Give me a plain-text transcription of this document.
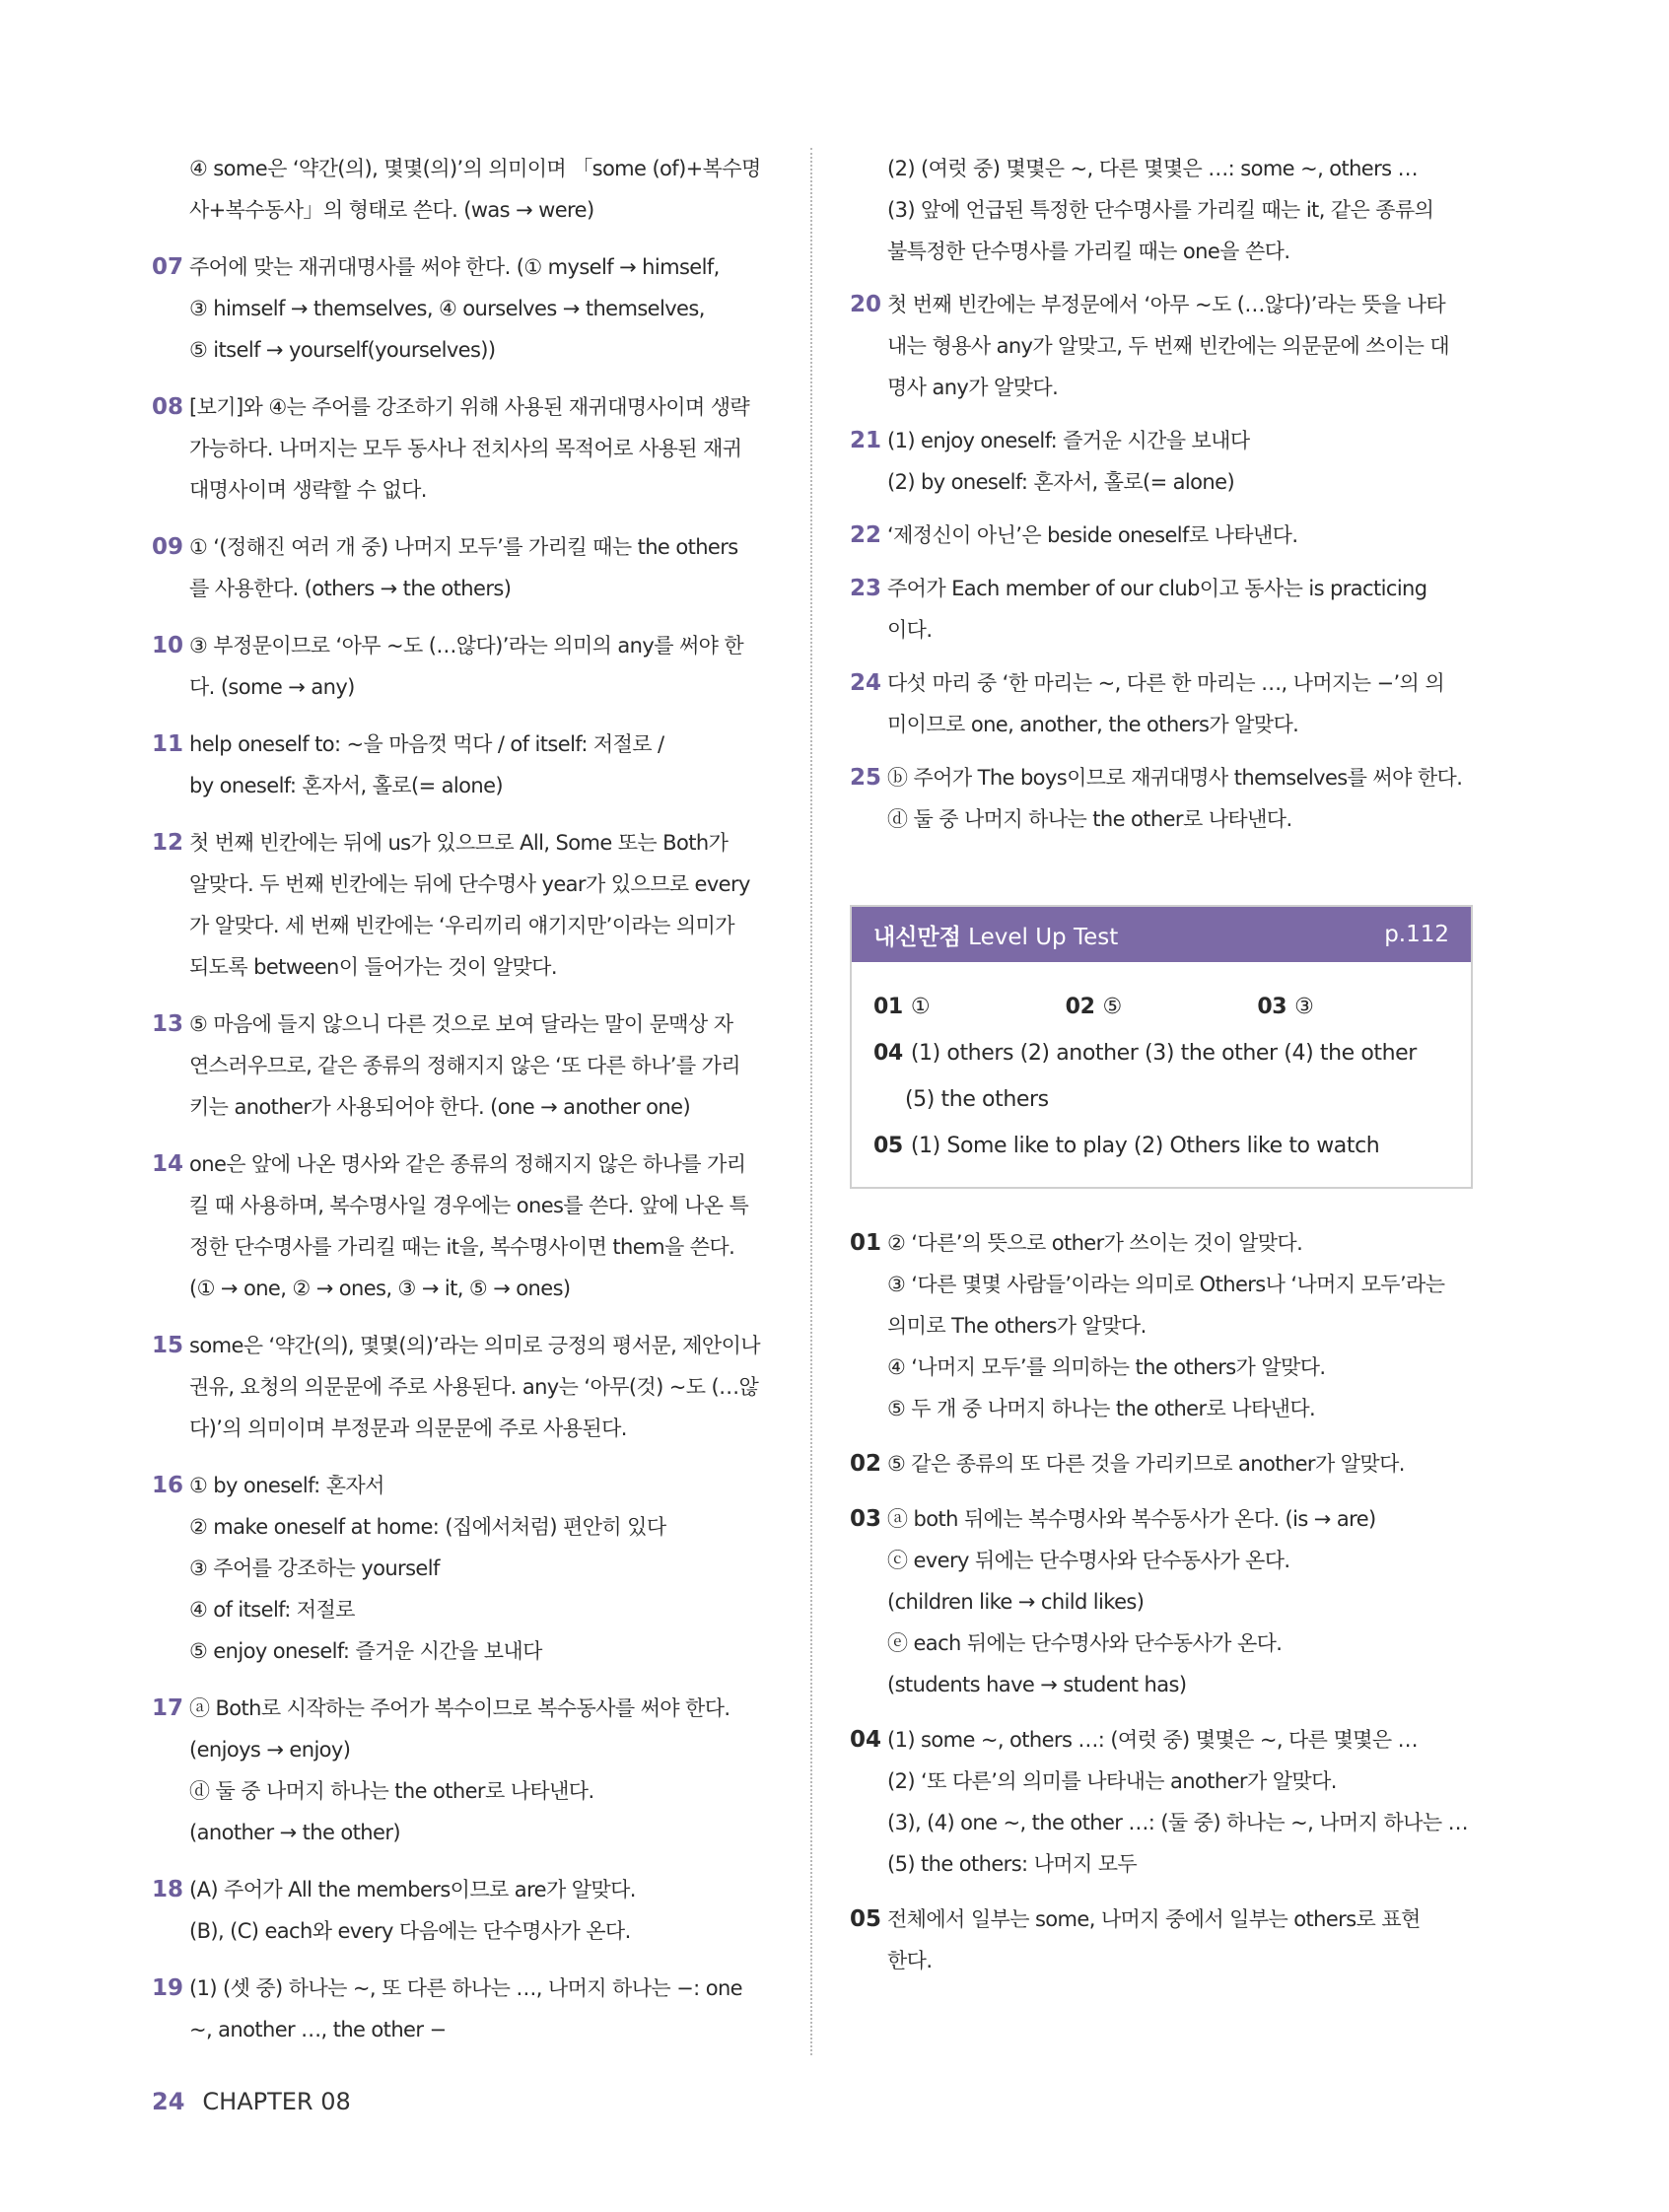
④ some은 ‘약간(의), 몇몇(의)’의 의미이며 「some (of)+복수명
사+복수동사」의 형태로 쓴다. (was → were)
07 주어에 맞는 재귀대명사를 써야 한다. (① myself → himself,
③ himself → themselves, ④ ourselves → themselves,
⑤ itself → yourself(yourselves))
08 [보기]와 ④는 주어를 강조하기 위해 사용된 재귀대명사이며 생략
가능하다. 나머지는 모두 동사나 전치사의 목적어로 사용된 재귀
대명사이며 생략할 수 없다.
09 ① ‘(정해진 여러 개 중) 나머지 모두’를 가리킬 때는 the others
를 사용한다. (others → the others)
10 ③ 부정문이므로 ‘아무 ~도 (…않다)’라는 의미의 any를 써야 한
다. (some → any)
11 help oneself to: ~을 마음껏 먹다 / of itself: 저절로 /
by oneself: 혼자서, 홀로(= alone)
12 첫 번째 빈칸에는 뒤에 us가 있으므로 All, Some 또는 Both가
알맞다. 두 번째 빈칸에는 뒤에 단수명사 year가 있으므로 every
가 알맞다. 세 번째 빈칸에는 ‘우리끼리 얘기지만’이라는 의미가
되도록 between이 들어가는 것이 알맞다.
13 ⑤ 마음에 들지 않으니 다른 것으로 보여 달라는 말이 문맥상 자
연스러우므로, 같은 종류의 정해지지 않은 ‘또 다른 하나’를 가리
키는 another가 사용되어야 한다. (one → another one)
14 one은 앞에 나온 명사와 같은 종류의 정해지지 않은 하나를 가리
킬 때 사용하며, 복수명사일 경우에는 ones를 쓴다. 앞에 나온 특
정한 단수명사를 가리킬 때는 it을, 복수명사이면 them을 쓴다.
(① → one, ② → ones, ③ → it, ⑤ → ones)
15 some은 ‘약간(의), 몇몇(의)’라는 의미로 긍정의 평서문, 제안이나
권유, 요청의 의문문에 주로 사용된다. any는 ‘아무(것) ~도 (…않
다)’의 의미이며 부정문과 의문문에 주로 사용된다.
16 ① by oneself: 혼자서
② make oneself at home: (집에서처럼) 편안히 있다
③ 주어를 강조하는 yourself
④ of itself: 저절로
⑤ enjoy oneself: 즐거운 시간을 보내다
17 ⓐ Both로 시작하는 주어가 복수이므로 복수동사를 써야 한다.
(enjoys → enjoy)
ⓓ 둘 중 나머지 하나는 the other로 나타낸다.
(another → the other)
18 (A) 주어가 All the members이므로 are가 알맞다.
(B), (C) each와 every 다음에는 단수명사가 온다.
19 (1) (셋 중) 하나는 ~, 또 다른 하나는 …, 나머지 하나는 −: one
~, another …, the other −
(2) (여럿 중) 몇몇은 ~, 다른 몇몇은 …: some ~, others …
(3) 앞에 언급된 특정한 단수명사를 가리킬 때는 it, 같은 종류의
불특정한 단수명사를 가리킬 때는 one을 쓴다.
20 첫 번째 빈칸에는 부정문에서 ‘아무 ~도 (…않다)’라는 뜻을 나타
내는 형용사 any가 알맞고, 두 번째 빈칸에는 의문문에 쓰이는 대
명사 any가 알맞다.
21 (1) enjoy oneself: 즐거운 시간을 보내다
(2) by oneself: 혼자서, 홀로(= alone)
22 ‘제정신이 아닌’은 beside oneself로 나타낸다.
23 주어가 Each member of our club이고 동사는 is practicing
이다.
24 다섯 마리 중 ‘한 마리는 ~, 다른 한 마리는 …, 나머지는 −’의 의
미이므로 one, another, the others가 알맞다.
25 ⓑ 주어가 The boys이므로 재귀대명사 themselves를 써야 한다.
ⓓ 둘 중 나머지 하나는 the other로 나타낸다.
내신만점 Level Up Test	p.112
01 ①	02 ⑤	03 ③
04 (1) others (2) another (3) the other (4) the other
(5) the others
05 (1) Some like to play (2) Others like to watch
01 ② ‘다른’의 뜻으로 other가 쓰이는 것이 알맞다.
③ ‘다른 몇몇 사람들’이라는 의미로 Others나 ‘나머지 모두’라는
의미로 The others가 알맞다.
④ ‘나머지 모두’를 의미하는 the others가 알맞다.
⑤ 두 개 중 나머지 하나는 the other로 나타낸다.
02 ⑤ 같은 종류의 또 다른 것을 가리키므로 another가 알맞다.
03 ⓐ both 뒤에는 복수명사와 복수동사가 온다. (is → are)
ⓒ every 뒤에는 단수명사와 단수동사가 온다.
(children like → child likes)
ⓔ each 뒤에는 단수명사와 단수동사가 온다.
(students have → student has)
04 (1) some ~, others …: (여럿 중) 몇몇은 ~, 다른 몇몇은 …
(2) ‘또 다른’의 의미를 나타내는 another가 알맞다.
(3), (4) one ~, the other …: (둘 중) 하나는 ~, 나머지 하나는 …
(5) the others: 나머지 모두
05 전체에서 일부는 some, 나머지 중에서 일부는 others로 표현
한다.
24 CHAPTER 08
